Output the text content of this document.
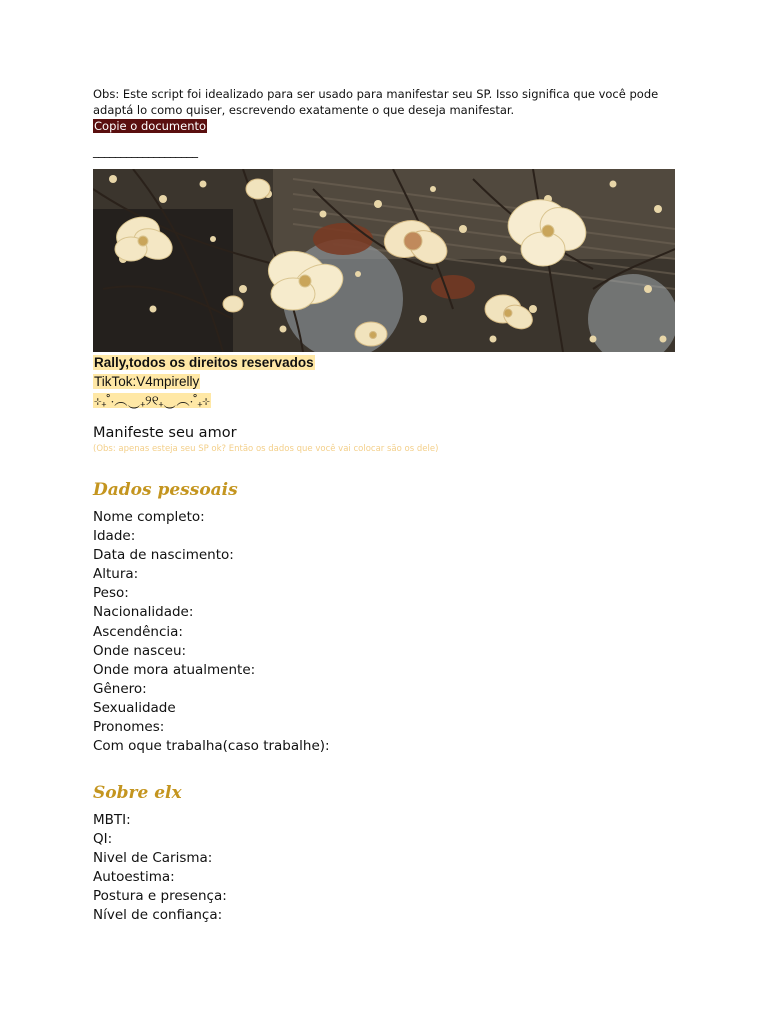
Obs: Este script foi idealizado para ser usado para manifestar seu SP. Isso significa que você pode adaptá lo como quiser, escrevendo exatamente o que deseja manifestar.
Copie o documento
___________________
Rally,todos os direitos reservados
TikTok:V4mpirelly
⊹₊˚‧︵‿₊୨୧₊‿︵‧˚₊⊹
Manifeste seu amor
(Obs: apenas esteja seu SP ok? Então os dados que você vai colocar são os dele)
Dados pessoais
Nome completo:
Idade:
Data de nascimento:
Altura:
Peso:
Nacionalidade:
Ascendência:
Onde nasceu:
Onde mora atualmente:
Gênero:
Sexualidade
Pronomes:
Com oque trabalha(caso trabalhe):
Sobre elx
MBTI:
QI:
Nivel de Carisma:
Autoestima:
Postura e presença:
Nível de confiança:
